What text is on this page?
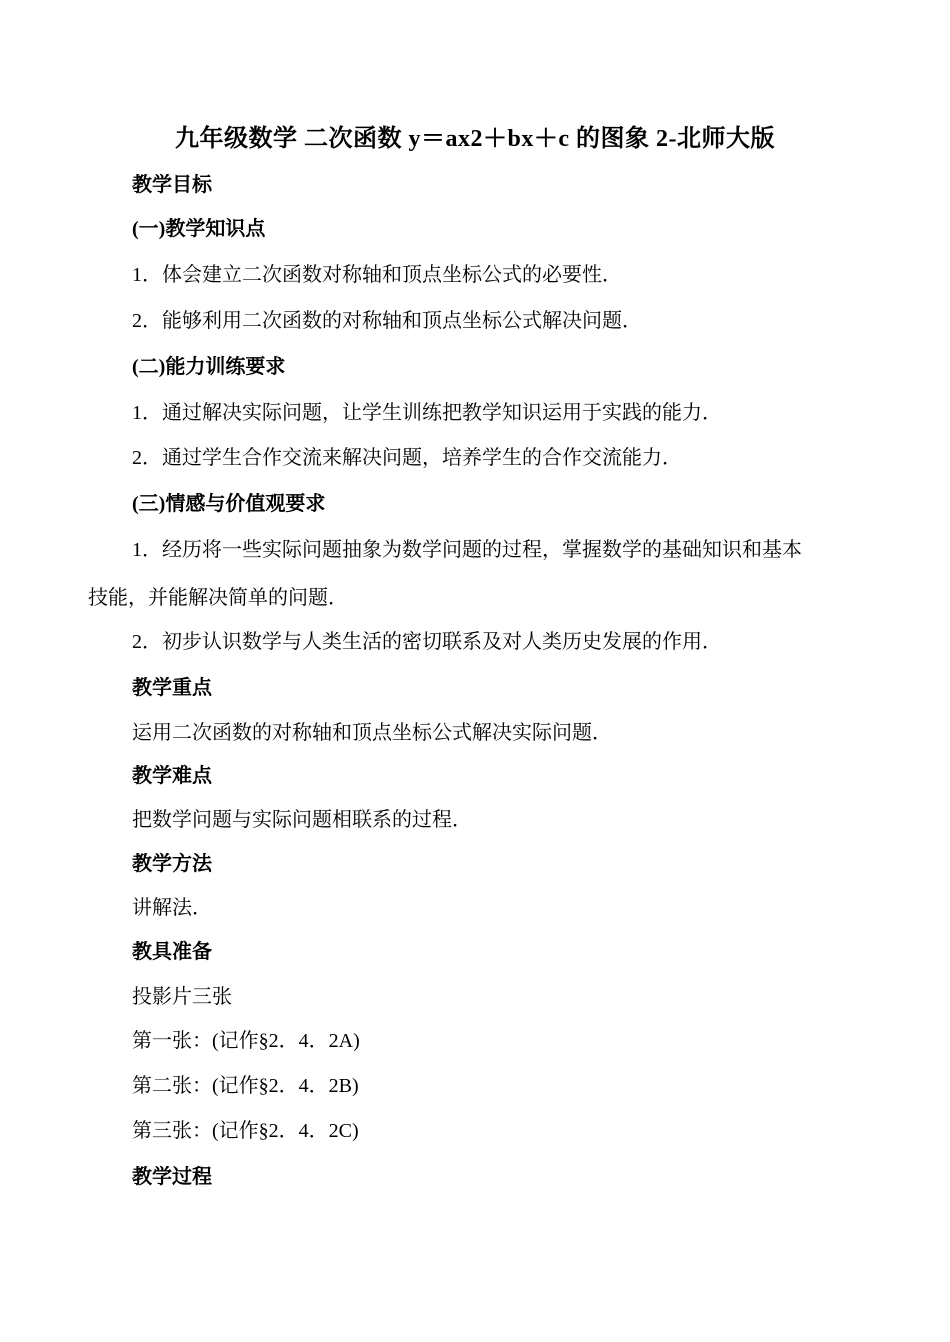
九年级数学 二次函数 y＝ax2＋bx＋c 的图象 2-北师大版
教学目标
(一)教学知识点
1．体会建立二次函数对称轴和顶点坐标公式的必要性．
2．能够利用二次函数的对称轴和顶点坐标公式解决问题．
(二)能力训练要求
1．通过解决实际问题，让学生训练把教学知识运用于实践的能力．
2．通过学生合作交流来解决问题，培养学生的合作交流能力．
(三)情感与价值观要求
1．经历将一些实际问题抽象为数学问题的过程，掌握数学的基础知识和基本
技能，并能解决简单的问题．
2．初步认识数学与人类生活的密切联系及对人类历史发展的作用．
教学重点
运用二次函数的对称轴和顶点坐标公式解决实际问题．
教学难点
把数学问题与实际问题相联系的过程．
教学方法
讲解法．
教具准备
投影片三张
第一张：(记作§2．4．2A)
第二张：(记作§2．4．2B)
第三张：(记作§2．4．2C)
教学过程
